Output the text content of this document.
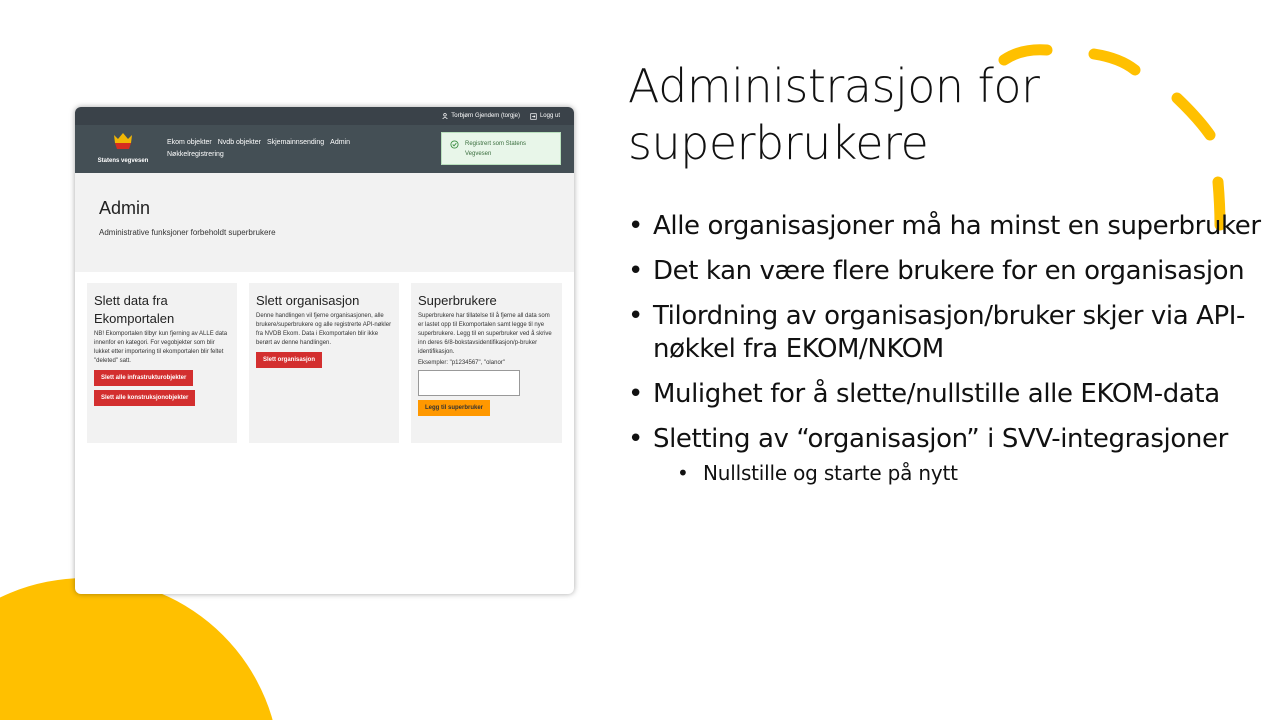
Torbjørn Gjendem (torgje)	Logg ut
Statens vegvesen
Ekom objekter Nvdb objekter Skjemainnsending Admin
Nøkkelregistrering
Registrert som Statens Vegvesen
Admin

Administrative funksjoner forbeholdt superbrukere

Slett data fra Ekomportalen

NB! Ekomportalen tilbyr kun fjerning av ALLE data innenfor en kategori. For vegobjekter som blir lukket etter importering til ekomportalen blir feltet "deleted" satt.

Slett alle infrastrukturobjekter
Slett alle konstruksjonobjekter
Slett organisasjon

Denne handlingen vil fjerne organisasjonen, alle brukere/superbrukere og alle registrerte API-nøkler fra NVDB Ekom. Data i Ekomportalen blir ikke berørt av denne handlingen.

Slett organisasjon
Superbrukere

Superbrukere har tillatelse til å fjerne all data som er lastet opp til Ekomportalen samt legge til nye superbrukere. Legg til en superbruker ved å skrive inn deres 6/8-bokstavsidentifikasjon/p-bruker identifikasjon.

Eksempler: "p1234567", "olanor"

Legg til superbruker
Administrasjon for superbrukere
• Alle organisasjoner må ha minst en superbruker
• Det kan være flere brukere for en organisasjon
• Tilordning av organisasjon/bruker skjer via API-nøkkel fra EKOM/NKOM
• Mulighet for å slette/nullstille alle EKOM-data
• Sletting av “organisasjon” i SVV-integrasjoner
• Nullstille og starte på nytt
